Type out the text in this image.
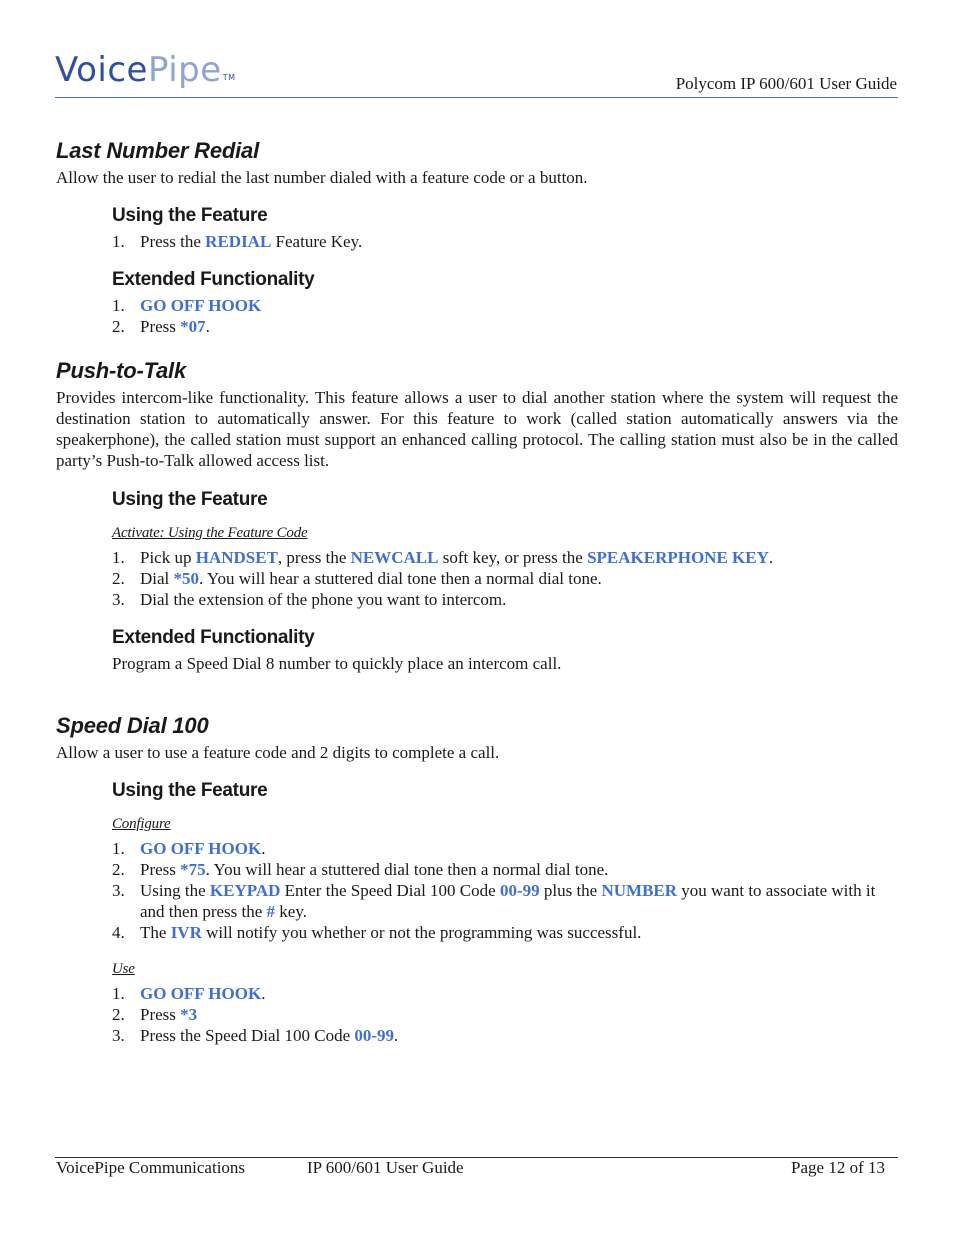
VoicePipe™	Polycom IP 600/601 User Guide
Last Number Redial

Allow the user to redial the last number dialed with a feature code or a button.

Using the Feature
1. Press the REDIAL Feature Key.
Extended Functionality
1. GO OFF HOOK
2. Press *07.
Push-to-Talk

Provides intercom-like functionality. This feature allows a user to dial another station where the system will request the destination station to automatically answer. For this feature to work (called station automatically answers via the speakerphone), the called station must support an enhanced calling protocol. The calling station must also be in the called party’s Push-to-Talk allowed access list.

Using the Feature

Activate: Using the Feature Code

1. Pick up HANDSET, press the NEWCALL soft key, or press the SPEAKERPHONE KEY.
2. Dial *50. You will hear a stuttered dial tone then a normal dial tone.
3. Dial the extension of the phone you want to intercom.
Extended Functionality

Program a Speed Dial 8 number to quickly place an intercom call.

Speed Dial 100

Allow a user to use a feature code and 2 digits to complete a call.

Using the Feature

Configure

1. GO OFF HOOK.
2. Press *75. You will hear a stuttered dial tone then a normal dial tone.
3. Using the KEYPAD Enter the Speed Dial 100 Code 00-99 plus the NUMBER you want to associate with it and then press the # key.
4. The IVR will notify you whether or not the programming was successful.

Use

1. GO OFF HOOK.
2. Press *3
3. Press the Speed Dial 100 Code 00-99.
VoicePipe Communications	IP 600/601 User Guide	Page 12 of 13
